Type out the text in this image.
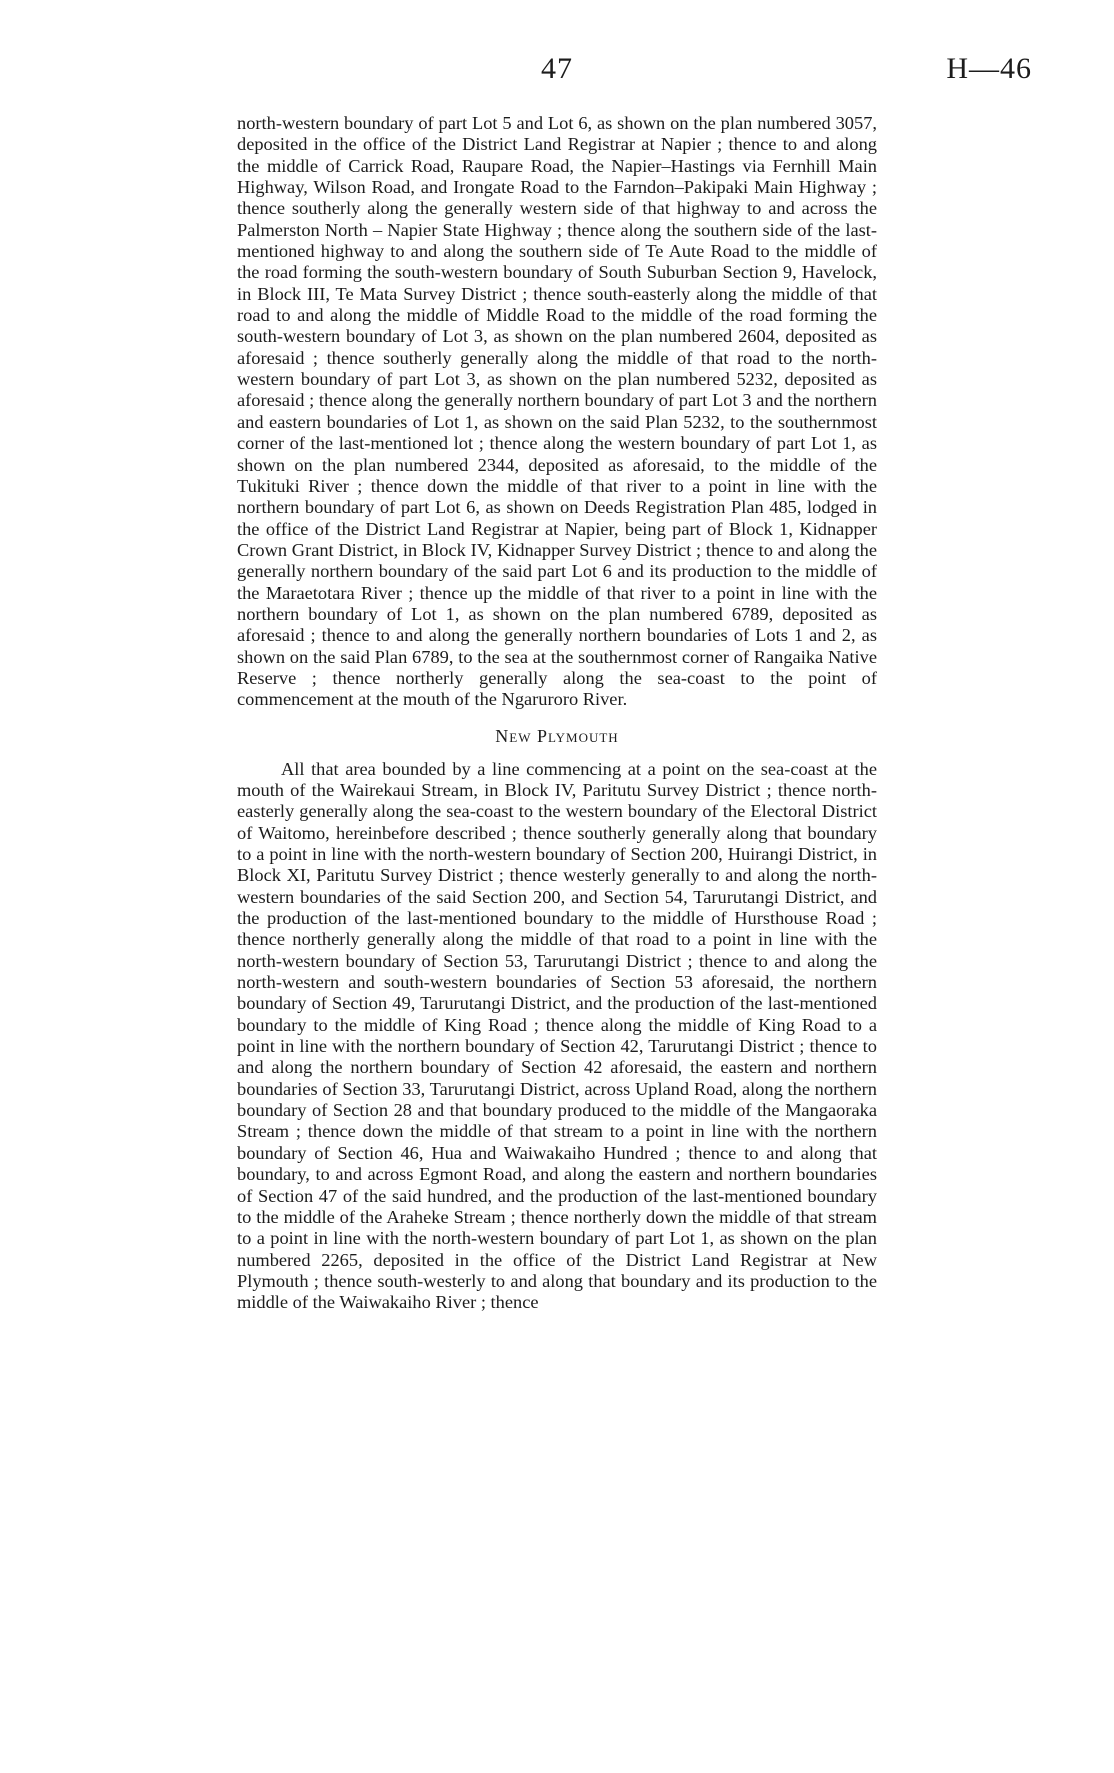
47	H—46

north-western boundary of part Lot 5 and Lot 6, as shown on the plan numbered 3057, deposited in the office of the District Land Registrar at Napier ; thence to and along the middle of Carrick Road, Raupare Road, the Napier–Hastings via Fernhill Main Highway, Wilson Road, and Irongate Road to the Farndon–Pakipaki Main Highway ; thence southerly along the generally western side of that highway to and across the Palmerston North – Napier State Highway ; thence along the southern side of the last-mentioned highway to and along the southern side of Te Aute Road to the middle of the road forming the south-western boundary of South Suburban Section 9, Havelock, in Block III, Te Mata Survey District ; thence south-easterly along the middle of that road to and along the middle of Middle Road to the middle of the road forming the south-western boundary of Lot 3, as shown on the plan numbered 2604, deposited as aforesaid ; thence southerly generally along the middle of that road to the north-western boundary of part Lot 3, as shown on the plan numbered 5232, deposited as aforesaid ; thence along the generally northern boundary of part Lot 3 and the northern and eastern boundaries of Lot 1, as shown on the said Plan 5232, to the southernmost corner of the last-mentioned lot ; thence along the western boundary of part Lot 1, as shown on the plan numbered 2344, deposited as aforesaid, to the middle of the Tukituki River ; thence down the middle of that river to a point in line with the northern boundary of part Lot 6, as shown on Deeds Registration Plan 485, lodged in the office of the District Land Registrar at Napier, being part of Block 1, Kidnapper Crown Grant District, in Block IV, Kidnapper Survey District ; thence to and along the generally northern boundary of the said part Lot 6 and its production to the middle of the Maraetotara River ; thence up the middle of that river to a point in line with the northern boundary of Lot 1, as shown on the plan numbered 6789, deposited as aforesaid ; thence to and along the generally northern boundaries of Lots 1 and 2, as shown on the said Plan 6789, to the sea at the southernmost corner of Rangaika Native Reserve ; thence northerly generally along the sea-coast to the point of commencement at the mouth of the Ngaruroro River.

New Plymouth

All that area bounded by a line commencing at a point on the sea-coast at the mouth of the Wairekaui Stream, in Block IV, Paritutu Survey District ; thence north-easterly generally along the sea-coast to the western boundary of the Electoral District of Waitomo, hereinbefore described ; thence southerly generally along that boundary to a point in line with the north-western boundary of Section 200, Huirangi District, in Block XI, Paritutu Survey District ; thence westerly generally to and along the north-western boundaries of the said Section 200, and Section 54, Tarurutangi District, and the production of the last-mentioned boundary to the middle of Hursthouse Road ; thence northerly generally along the middle of that road to a point in line with the north-western boundary of Section 53, Tarurutangi District ; thence to and along the north-western and south-western boundaries of Section 53 aforesaid, the northern boundary of Section 49, Tarurutangi District, and the production of the last-mentioned boundary to the middle of King Road ; thence along the middle of King Road to a point in line with the northern boundary of Section 42, Tarurutangi District ; thence to and along the northern boundary of Section 42 aforesaid, the eastern and northern boundaries of Section 33, Tarurutangi District, across Upland Road, along the northern boundary of Section 28 and that boundary produced to the middle of the Mangaoraka Stream ; thence down the middle of that stream to a point in line with the northern boundary of Section 46, Hua and Waiwakaiho Hundred ; thence to and along that boundary, to and across Egmont Road, and along the eastern and northern boundaries of Section 47 of the said hundred, and the production of the last-mentioned boundary to the middle of the Araheke Stream ; thence northerly down the middle of that stream to a point in line with the north-western boundary of part Lot 1, as shown on the plan numbered 2265, deposited in the office of the District Land Registrar at New Plymouth ; thence south-westerly to and along that boundary and its production to the middle of the Waiwakaiho River ; thence
